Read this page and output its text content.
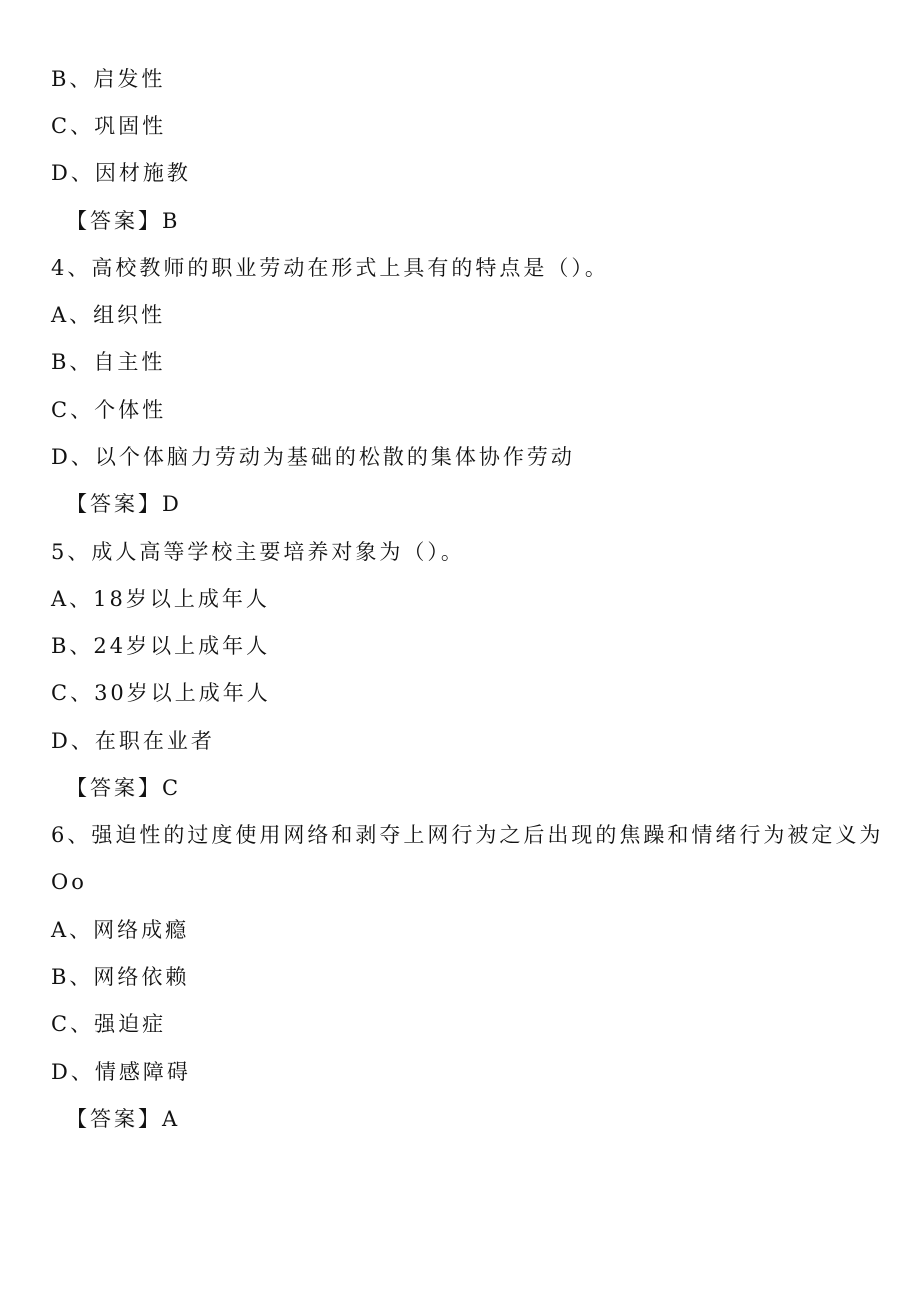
B、启发性
C、巩固性
D、因材施教
【答案】B
4、高校教师的职业劳动在形式上具有的特点是（）。
A、组织性
B、自主性
C、个体性
D、以个体脑力劳动为基础的松散的集体协作劳动
【答案】D
5、成人高等学校主要培养对象为（）。
A、18岁以上成年人
B、24岁以上成年人
C、30岁以上成年人
D、在职在业者
【答案】C
6、强迫性的过度使用网络和剥夺上网行为之后出现的焦躁和情绪行为被定义为
Oo
A、网络成瘾
B、网络依赖
C、强迫症
D、情感障碍
【答案】A
